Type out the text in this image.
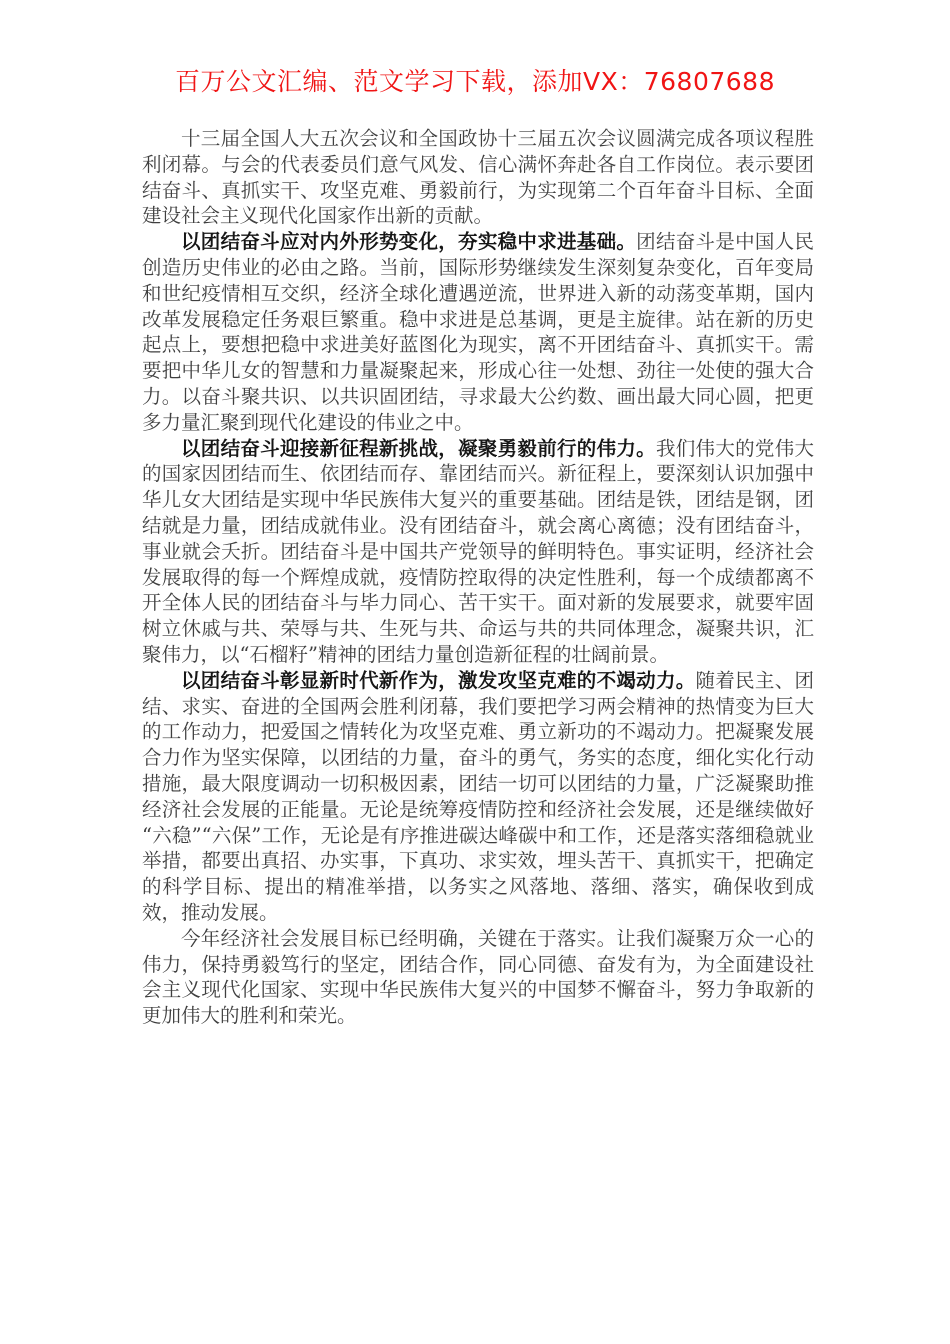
百万公文汇编、范文学习下载，添加VX：76807688

十三届全国人大五次会议和全国政协十三届五次会议圆满完成各项议程胜利闭幕。与会的代表委员们意气风发、信心满怀奔赴各自工作岗位。表示要团结奋斗、真抓实干、攻坚克难、勇毅前行，为实现第二个百年奋斗目标、全面建设社会主义现代化国家作出新的贡献。

以团结奋斗应对内外形势变化，夯实稳中求进基础。团结奋斗是中国人民创造历史伟业的必由之路。当前，国际形势继续发生深刻复杂变化，百年变局和世纪疫情相互交织，经济全球化遭遇逆流，世界进入新的动荡变革期，国内改革发展稳定任务艰巨繁重。稳中求进是总基调，更是主旋律。站在新的历史起点上，要想把稳中求进美好蓝图化为现实，离不开团结奋斗、真抓实干。需要把中华儿女的智慧和力量凝聚起来，形成心往一处想、劲往一处使的强大合力。以奋斗聚共识、以共识固团结，寻求最大公约数、画出最大同心圆，把更多力量汇聚到现代化建设的伟业之中。

以团结奋斗迎接新征程新挑战，凝聚勇毅前行的伟力。我们伟大的党伟大的国家因团结而生、依团结而存、靠团结而兴。新征程上，要深刻认识加强中华儿女大团结是实现中华民族伟大复兴的重要基础。团结是铁，团结是钢，团结就是力量，团结成就伟业。没有团结奋斗，就会离心离德；没有团结奋斗，事业就会夭折。团结奋斗是中国共产党领导的鲜明特色。事实证明，经济社会发展取得的每一个辉煌成就，疫情防控取得的决定性胜利，每一个成绩都离不开全体人民的团结奋斗与毕力同心、苦干实干。面对新的发展要求，就要牢固树立休戚与共、荣辱与共、生死与共、命运与共的共同体理念，凝聚共识，汇聚伟力，以“石榴籽”精神的团结力量创造新征程的壮阔前景。

以团结奋斗彰显新时代新作为，激发攻坚克难的不竭动力。随着民主、团结、求实、奋进的全国两会胜利闭幕，我们要把学习两会精神的热情变为巨大的工作动力，把爱国之情转化为攻坚克难、勇立新功的不竭动力。把凝聚发展合力作为坚实保障，以团结的力量，奋斗的勇气，务实的态度，细化实化行动措施，最大限度调动一切积极因素，团结一切可以团结的力量，广泛凝聚助推经济社会发展的正能量。无论是统筹疫情防控和经济社会发展，还是继续做好“六稳”“六保”工作，无论是有序推进碳达峰碳中和工作，还是落实落细稳就业举措，都要出真招、办实事，下真功、求实效，埋头苦干、真抓实干，把确定的科学目标、提出的精准举措，以务实之风落地、落细、落实，确保收到成效，推动发展。

今年经济社会发展目标已经明确，关键在于落实。让我们凝聚万众一心的伟力，保持勇毅笃行的坚定，团结合作，同心同德、奋发有为，为全面建设社会主义现代化国家、实现中华民族伟大复兴的中国梦不懈奋斗，努力争取新的更加伟大的胜利和荣光。
